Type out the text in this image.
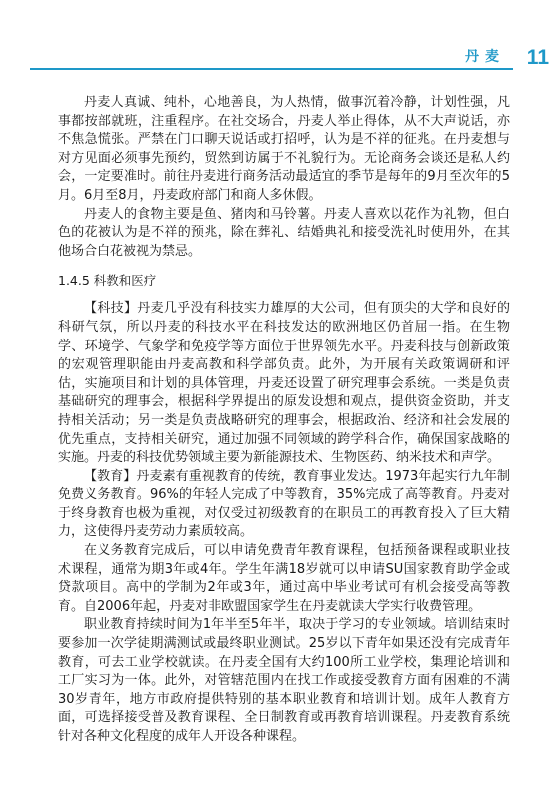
丹麦 11

丹麦人真诚、纯朴，心地善良，为人热情，做事沉着冷静，计划性强，凡事都按部就班，注重程序。在社交场合，丹麦人举止得体，从不大声说话，亦不焦急慌张。严禁在门口聊天说话或打招呼，认为是不祥的征兆。在丹麦想与对方见面必须事先预约，贸然到访属于不礼貌行为。无论商务会谈还是私人约会，一定要准时。前往丹麦进行商务活动最适宜的季节是每年的9月至次年的5月。6月至8月，丹麦政府部门和商人多休假。

丹麦人的食物主要是鱼、猪肉和马铃薯。丹麦人喜欢以花作为礼物，但白色的花被认为是不祥的预兆，除在葬礼、结婚典礼和接受洗礼时使用外，在其他场合白花被视为禁忌。

1.4.5 科教和医疗

【科技】丹麦几乎没有科技实力雄厚的大公司，但有顶尖的大学和良好的科研气氛，所以丹麦的科技水平在科技发达的欧洲地区仍首屈一指。在生物学、环境学、气象学和免疫学等方面位于世界领先水平。丹麦科技与创新政策的宏观管理职能由丹麦高教和科学部负责。此外，为开展有关政策调研和评估，实施项目和计划的具体管理，丹麦还设置了研究理事会系统。一类是负责基础研究的理事会，根据科学界提出的原发设想和观点，提供资金资助，并支持相关活动；另一类是负责战略研究的理事会，根据政治、经济和社会发展的优先重点，支持相关研究，通过加强不同领域的跨学科合作，确保国家战略的实施。丹麦的科技优势领域主要为新能源技术、生物医药、纳米技术和声学。

【教育】丹麦素有重视教育的传统，教育事业发达。1973年起实行九年制免费义务教育。96%的年轻人完成了中等教育，35%完成了高等教育。丹麦对于终身教育也极为重视，对仅受过初级教育的在职员工的再教育投入了巨大精力，这使得丹麦劳动力素质较高。

在义务教育完成后，可以申请免费青年教育课程，包括预备课程或职业技术课程，通常为期3年或4年。学生年满18岁就可以申请SU国家教育助学金或贷款项目。高中的学制为2年或3年，通过高中毕业考试可有机会接受高等教育。自2006年起，丹麦对非欧盟国家学生在丹麦就读大学实行收费管理。

职业教育持续时间为1年半至5年半，取决于学习的专业领域。培训结束时要参加一次学徒期满测试或最终职业测试。25岁以下青年如果还没有完成青年教育，可去工业学校就读。在丹麦全国有大约100所工业学校，集理论培训和工厂实习为一体。此外，对管辖范围内在找工作或接受教育方面有困难的不满30岁青年，地方市政府提供特别的基本职业教育和培训计划。成年人教育方面，可选择接受普及教育课程、全日制教育或再教育培训课程。丹麦教育系统针对各种文化程度的成年人开设各种课程。
